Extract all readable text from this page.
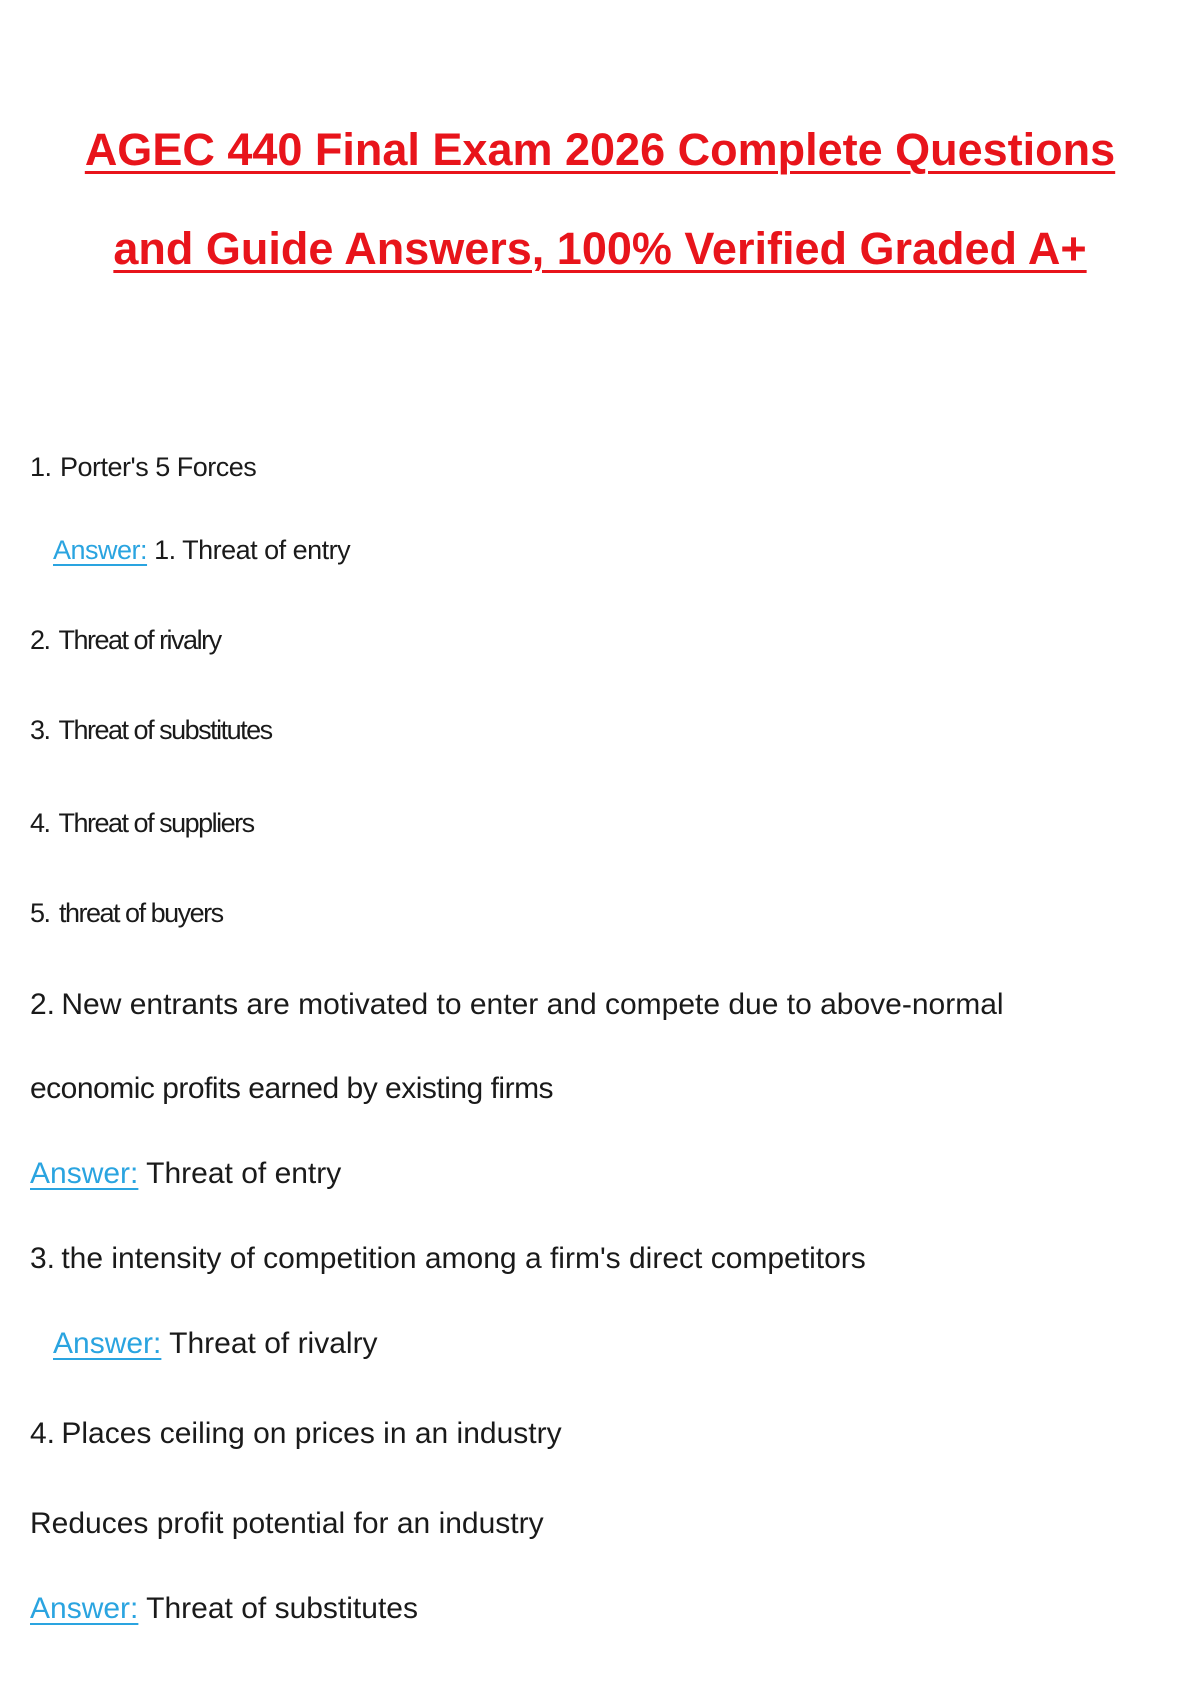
AGEC 440 Final Exam 2026 Complete Questions
and Guide Answers, 100% Verified Graded A+
1. Porter's 5 Forces
Answer: 1. Threat of entry
2. Threat of rivalry
3. Threat of substitutes
4. Threat of suppliers
5. threat of buyers
2. New entrants are motivated to enter and compete due to above-normal
economic profits earned by existing firms
Answer: Threat of entry
3. the intensity of competition among a firm's direct competitors
Answer: Threat of rivalry
4. Places ceiling on prices in an industry
Reduces profit potential for an industry
Answer: Threat of substitutes
